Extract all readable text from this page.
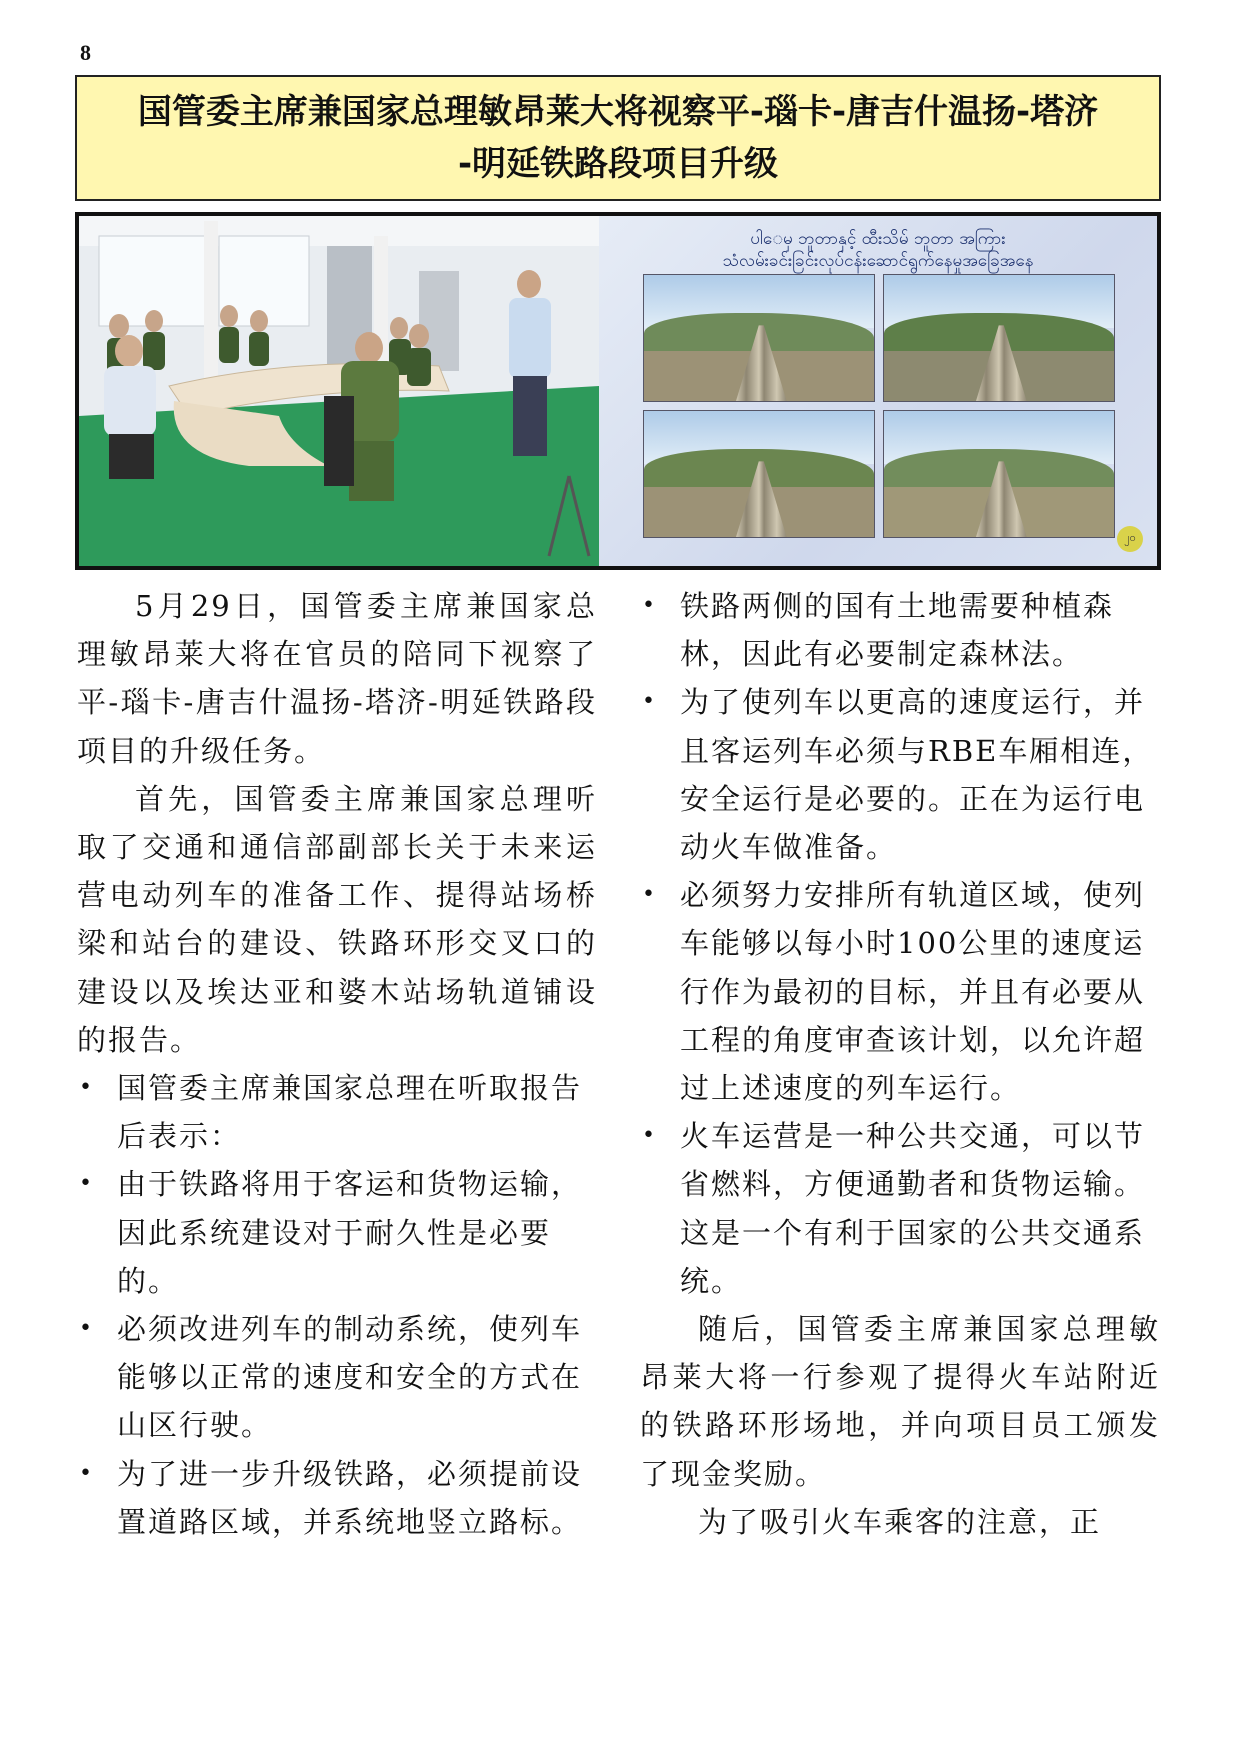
8
国管委主席兼国家总理敏昂莱大将视察平-瑙卡-唐吉什温扬-塔济
-明延铁路段项目升级
ပါေမှ ဘူတာနှင့် ထီးသိမ် ဘူတာ အကြား
သံလမ်းခင်းခြင်းလုပ်ငန်းဆောင်ရွက်နေမှုအခြေအနေ
၂၀

5月29日，国管委主席兼国家总理敏昂莱大将在官员的陪同下视察了平-瑙卡-唐吉什温扬-塔济-明延铁路段项目的升级任务。

首先，国管委主席兼国家总理听取了交通和通信部副部长关于未来运营电动列车的准备工作、提得站场桥梁和站台的建设、铁路环形交叉口的建设以及埃达亚和婆木站场轨道铺设的报告。

• 国管委主席兼国家总理在听取报告后表示：

• 由于铁路将用于客运和货物运输，因此系统建设对于耐久性是必要的。

• 必须改进列车的制动系统，使列车能够以正常的速度和安全的方式在山区行驶。

• 为了进一步升级铁路，必须提前设置道路区域，并系统地竖立路标。

• 铁路两侧的国有土地需要种植森林，因此有必要制定森林法。

• 为了使列车以更高的速度运行，并且客运列车必须与RBE车厢相连，安全运行是必要的。正在为运行电动火车做准备。

• 必须努力安排所有轨道区域，使列车能够以每小时100公里的速度运行作为最初的目标，并且有必要从工程的角度审查该计划，以允许超过上述速度的列车运行。

• 火车运营是一种公共交通，可以节省燃料，方便通勤者和货物运输。这是一个有利于国家的公共交通系统。

随后，国管委主席兼国家总理敏昂莱大将一行参观了提得火车站附近的铁路环形场地，并向项目员工颁发了现金奖励。

为了吸引火车乘客的注意，正
